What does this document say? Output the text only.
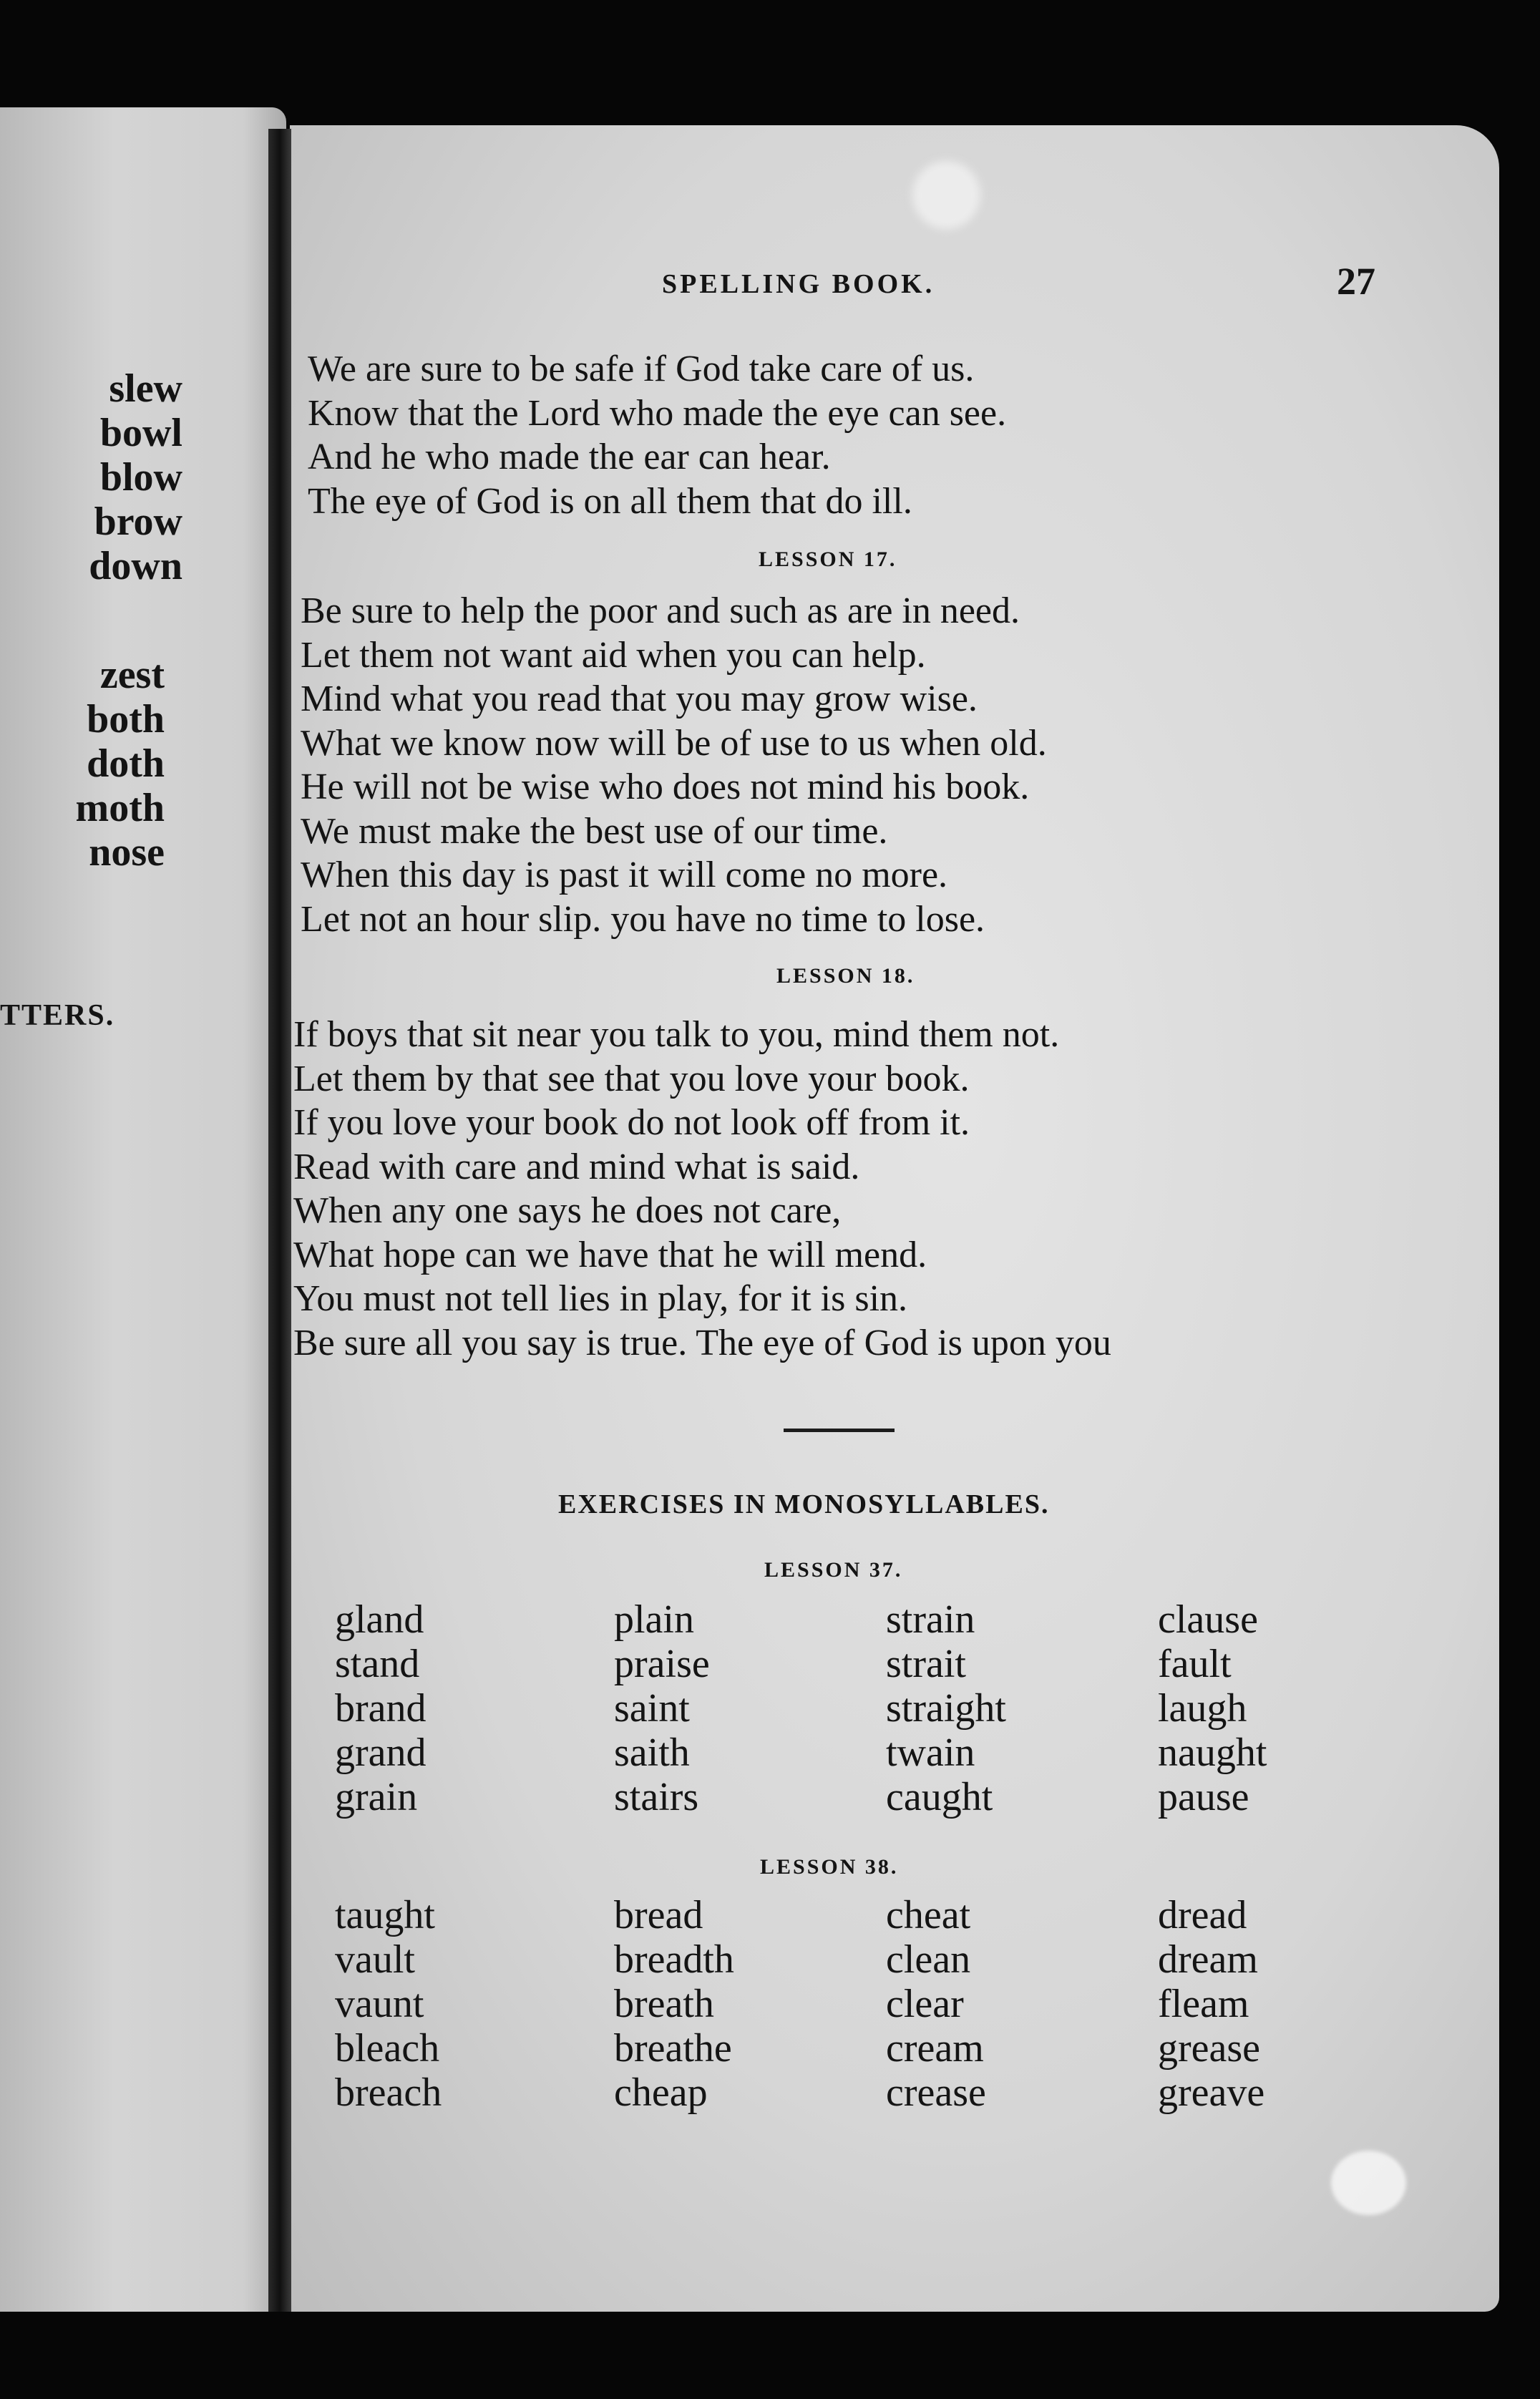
slew
bowl
blow
brow
down
zest
both
doth
moth
nose
TTERS.
SPELLING BOOK.	27
We are sure to be safe if God take care of us.
Know that the Lord who made the eye can see.
And he who made the ear can hear.
The eye of God is on all them that do ill.
LESSON 17.
Be sure to help the poor and such as are in need.
Let them not want aid when you can help.
Mind what you read that you may grow wise.
What we know now will be of use to us when old.
He will not be wise who does not mind his book.
We must make the best use of our time.
When this day is past it will come no more.
Let not an hour slip. you have no time to lose.
LESSON 18.
If boys that sit near you talk to you, mind them not.
Let them by that see that you love your book.
If you love your book do not look off from it.
Read with care and mind what is said.
When any one says he does not care,
What hope can we have that he will mend.
You must not tell lies in play, for it is sin.
Be sure all you say is true. The eye of God is upon you
EXERCISES IN MONOSYLLABLES.
LESSON 37.
gland
stand
brand
grand
grain
plain
praise
saint
saith
stairs
strain
strait
straight
twain
caught
clause
fault
laugh
naught
pause
LESSON 38.
taught
vault
vaunt
bleach
breach
bread
breadth
breath
breathe
cheap
cheat
clean
clear
cream
crease
dread
dream
fleam
grease
greave
